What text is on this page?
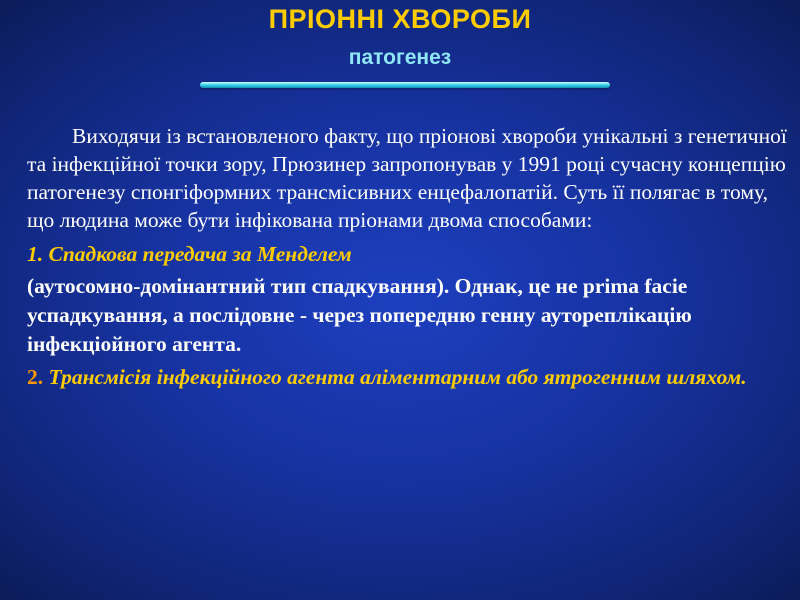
ПРІОННІ ХВОРОБИ
патогенез

Виходячи із встановленого факту, що пріонові хвороби унікальні з генетичної та інфекційної точки зору, Прюзинер запропонував у 1991 році сучасну концепцію патогенезу спонгіформних трансмісивних енцефалопатій. Суть її полягає в тому, що людина може бути інфікована пріонами двома способами:

1. Спадкова передача за Менделем

(аутосомно-домінантний тип спадкування). Однак, це не prima facie успадкування, а послідовне - через попередню генну аутореплікацію інфекціойного агента.

2. Трансмісія інфекційного агента аліментарним або ятрогенним шляхом.
